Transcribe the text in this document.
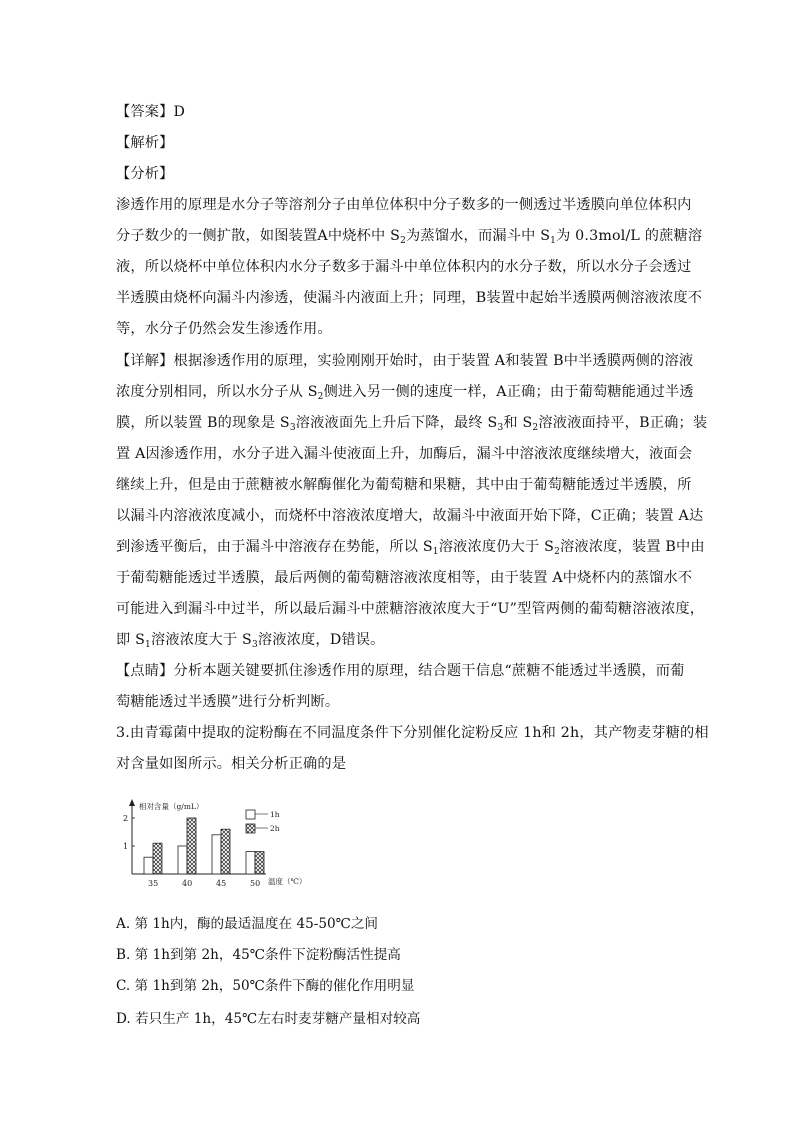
【答案】D
【解析】
【分析】
渗透作用的原理是水分子等溶剂分子由单位体积中分子数多的一侧透过半透膜向单位体积内
分子数少的一侧扩散，如图装置A中烧杯中 $S_2$为蒸馏水，而漏斗中 $S_1$为 0.3mol/L 的蔗糖溶
液，所以烧杯中单位体积内水分子数多于漏斗中单位体积内的水分子数，所以水分子会透过
半透膜由烧杯向漏斗内渗透，使漏斗内液面上升；同理，B装置中起始半透膜两侧溶液浓度不
等，水分子仍然会发生渗透作用。
【详解】根据渗透作用的原理，实验刚刚开始时，由于装置 A和装置 B中半透膜两侧的溶液
浓度分别相同，所以水分子从 $S_2$侧进入另一侧的速度一样，A正确；由于葡萄糖能通过半透
膜，所以装置 B的现象是 $S_3$溶液液面先上升后下降，最终 $S_3$和 $S_2$溶液液面持平，B正确；装
置 A因渗透作用，水分子进入漏斗使液面上升，加酶后，漏斗中溶液浓度继续增大，液面会
继续上升，但是由于蔗糖被水解酶催化为葡萄糖和果糖，其中由于葡萄糖能透过半透膜，所
以漏斗内溶液浓度减小，而烧杯中溶液浓度增大，故漏斗中液面开始下降，C正确；装置 A达
到渗透平衡后，由于漏斗中溶液存在势能，所以 $S_1$溶液浓度仍大于 $S_2$溶液浓度，装置 B中由
于葡萄糖能透过半透膜，最后两侧的葡萄糖溶液浓度相等，由于装置 A中烧杯内的蒸馏水不
可能进入到漏斗中过半，所以最后漏斗中蔗糖溶液浓度大于“U”型管两侧的葡萄糖溶液浓度，
即 $S_1$溶液浓度大于 $S_3$溶液浓度，D错误。
【点睛】分析本题关键要抓住渗透作用的原理，结合题干信息“蔗糖不能透过半透膜，而葡
萄糖能透过半透膜”进行分析判断。
3.由青霉菌中提取的淀粉酶在不同温度条件下分别催化淀粉反应 1h和 2h，其产物麦芽糖的相
对含量如图所示。相关分析正确的是
相对含量（g/mL）
温度（℃）
1
2
35	40	45	50
1h
2h
A. 第 1h内，酶的最适温度在 45-50℃之间
B. 第 1h到第 2h，45℃条件下淀粉酶活性提高
C. 第 1h到第 2h，50℃条件下酶的催化作用明显
D. 若只生产 1h，45℃左右时麦芽糖产量相对较高
